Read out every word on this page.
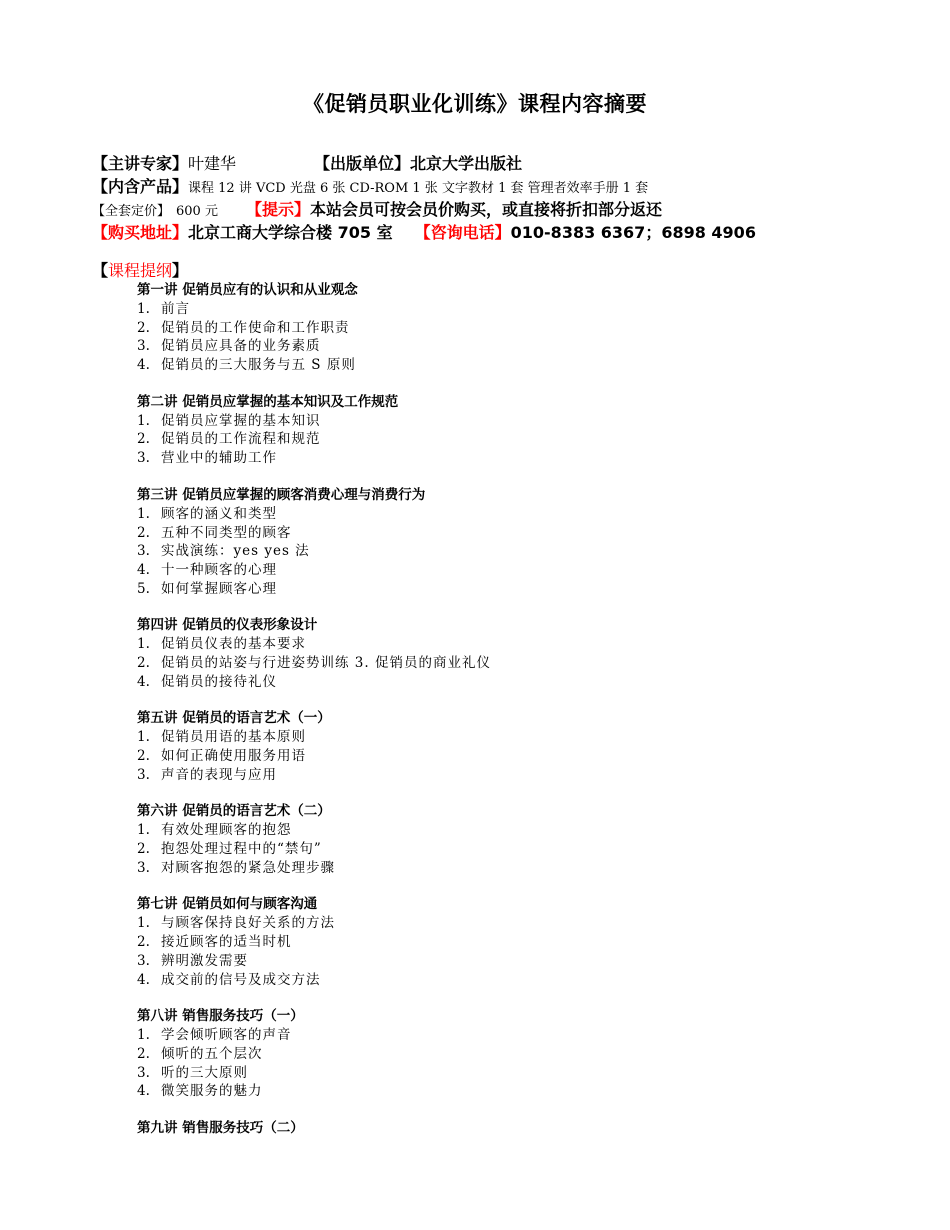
《促销员职业化训练》课程内容摘要
【主讲专家】叶建华	【出版单位】北京大学出版社
【内含产品】课程 12 讲 VCD 光盘 6 张 CD-ROM 1 张 文字教材 1 套 管理者效率手册 1 套
【全套定价】 600 元 【提示】本站会员可按会员价购买，或直接将折扣部分返还
【购买地址】北京工商大学综合楼 705 室 【咨询电话】010-8383 6367；6898 4906
【课程提纲】
第一讲 促销员应有的认识和从业观念
1. 前言
2. 促销员的工作使命和工作职责
3. 促销员应具备的业务素质
4. 促销员的三大服务与五 S 原则
第二讲 促销员应掌握的基本知识及工作规范
1. 促销员应掌握的基本知识
2. 促销员的工作流程和规范
3. 营业中的辅助工作
第三讲 促销员应掌握的顾客消费心理与消费行为
1. 顾客的涵义和类型
2. 五种不同类型的顾客
3. 实战演练：yes yes 法
4. 十一种顾客的心理
5. 如何掌握顾客心理
第四讲 促销员的仪表形象设计
1. 促销员仪表的基本要求
2. 促销员的站姿与行进姿势训练 3. 促销员的商业礼仪
4. 促销员的接待礼仪
第五讲 促销员的语言艺术（一）
1. 促销员用语的基本原则
2. 如何正确使用服务用语
3. 声音的表现与应用
第六讲 促销员的语言艺术（二）
1. 有效处理顾客的抱怨
2. 抱怨处理过程中的“禁句”
3. 对顾客抱怨的紧急处理步骤
第七讲 促销员如何与顾客沟通
1. 与顾客保持良好关系的方法
2. 接近顾客的适当时机
3. 辨明激发需要
4. 成交前的信号及成交方法
第八讲 销售服务技巧（一）
1. 学会倾听顾客的声音
2. 倾听的五个层次
3. 听的三大原则
4. 微笑服务的魅力
第九讲 销售服务技巧（二）
